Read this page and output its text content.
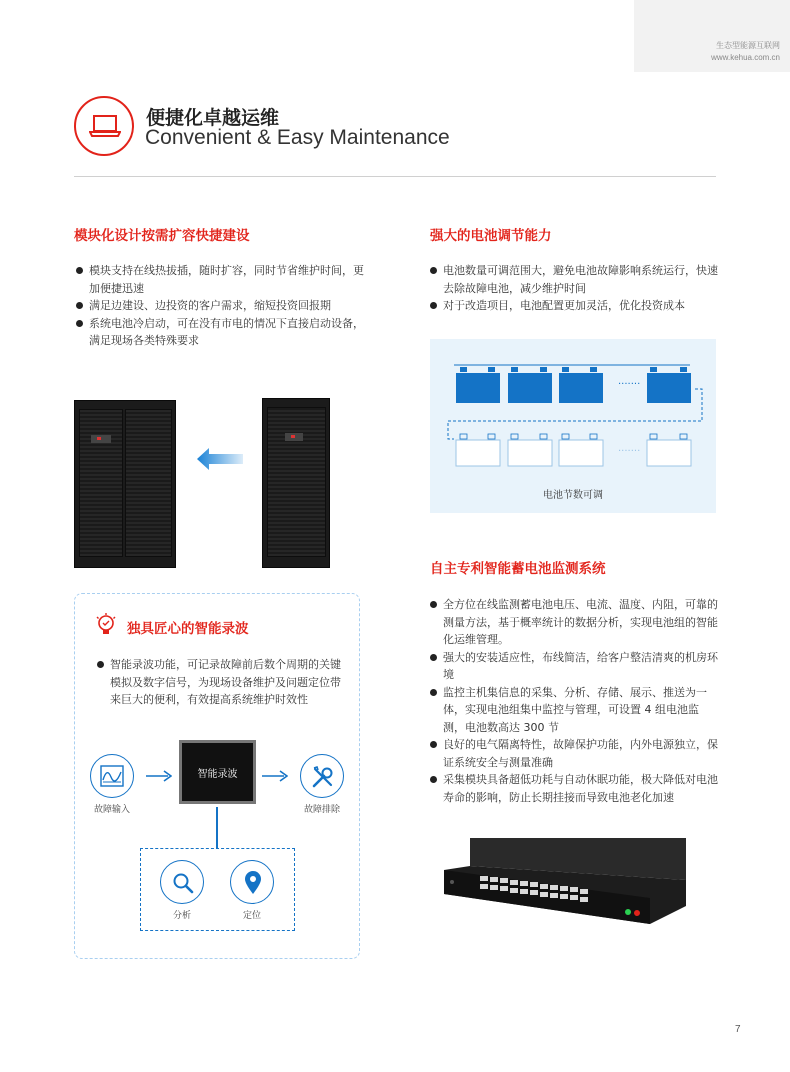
生态型能源互联网
www.kehua.com.cn
便捷化卓越运维
Convenient & Easy Maintenance
模块化设计按需扩容快捷建设
模块支持在线热拔插，随时扩容，同时节省维护时间，更加便捷迅速
满足边建设、边投资的客户需求，缩短投资回报期
系统电池冷启动，可在没有市电的情况下直接启动设备，满足现场各类特殊要求
独具匠心的智能录波
智能录波功能，可记录故障前后数个周期的关键模拟及数字信号，为现场设备维护及问题定位带来巨大的便利，有效提高系统维护时效性
故障输入
智能录波
故障排除
分析	定位
强大的电池调节能力
电池数量可调范围大，避免电池故障影响系统运行，快速去除故障电池，减少维护时间
对于改造项目，电池配置更加灵活，优化投资成本
·······
·······
电池节数可调
自主专利智能蓄电池监测系统
全方位在线监测蓄电池电压、电流、温度、内阻，可靠的测量方法，基于概率统计的数据分析，实现电池组的智能化运维管理。
强大的安装适应性，布线简洁，给客户整洁清爽的机房环境
监控主机集信息的采集、分析、存储、展示、推送为一体，实现电池组集中监控与管理，可设置 4 组电池监测，电池数高达 300 节
良好的电气隔离特性，故障保护功能，内外电源独立，保证系统安全与测量准确
采集模块具备超低功耗与自动休眠功能，极大降低对电池寿命的影响，防止长期挂接而导致电池老化加速
7
